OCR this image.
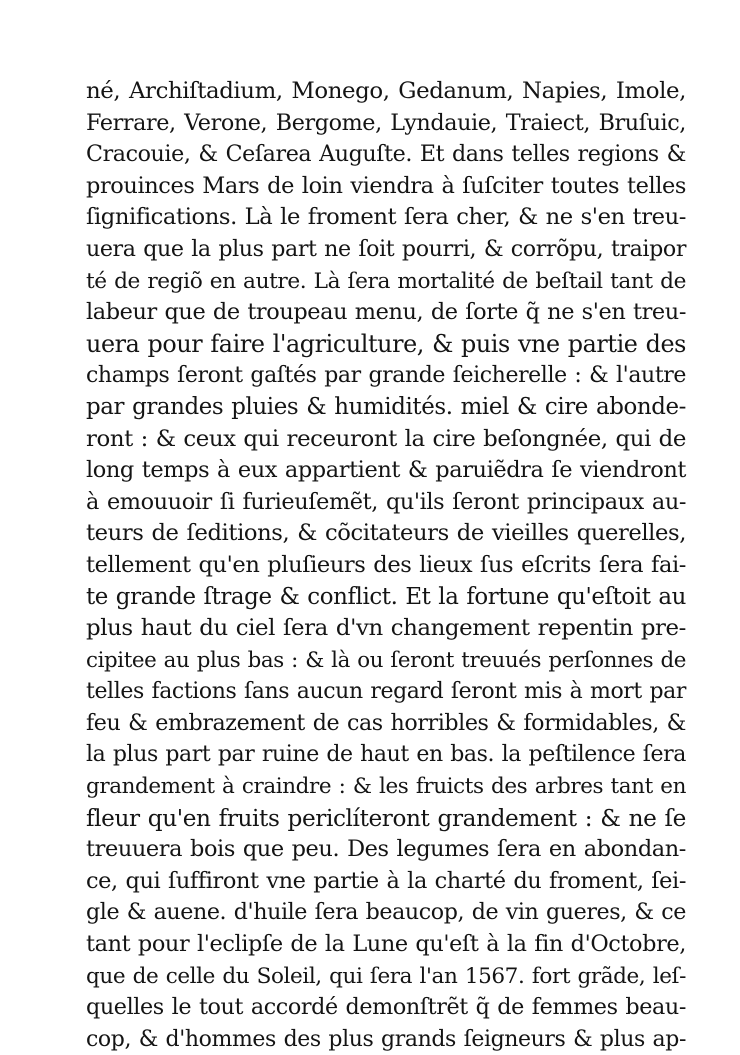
né, Archiſtadium, Monego, Gedanum, Napies, Imole,
Ferrare, Verone, Bergome, Lyndauie, Traiect, Bruſuic,
Cracouie, & Ceſarea Auguſte. Et dans telles regions &
prouinces Mars de loin viendra à ſuſciter toutes telles
ſignifications. Là le froment ſera cher, & ne s'en treu-
uera que la plus part ne ſoit pourri, & corrõpu, traipor
té de regiõ en autre. Là ſera mortalité de beſtail tant de
labeur que de troupeau menu, de ſorte q̃ ne s'en treu-
uera pour faire l'agriculture, & puis vne partie des
champs ſeront gaſtés par grande ſeicherelle : & l'autre
par grandes pluies & humidités. miel & cire abonde-
ront : & ceux qui receuront la cire beſongnée, qui de
long temps à eux appartient & paruiẽdra ſe viendront
à emouuoir ſi furieuſemẽt, qu'ils ſeront principaux au-
teurs de ſeditions, & cõcitateurs de vieilles querelles,
tellement qu'en pluſieurs des lieux ſus eſcrits ſera fai-
te grande ſtrage & conflict. Et la fortune qu'eſtoit au
plus haut du ciel ſera d'vn changement repentin pre-
cipitee au plus bas : & là ou ſeront treuués perſonnes de
telles factions ſans aucun regard ſeront mis à mort par
feu & embrazement de cas horribles & formidables, &
la plus part par ruine de haut en bas. la peſtilence ſera
grandement à craindre : & les fruicts des arbres tant en
fleur qu'en fruits periclíteront grandement : & ne ſe
treuuera bois que peu. Des legumes ſera en abondan-
ce, qui ſuffiront vne partie à la charté du froment, ſei-
gle & auene. d'huile ſera beaucop, de vin gueres, & ce
tant pour l'eclipſe de la Lune qu'eſt à la fin d'Octobre,
que de celle du Soleil, qui ſera l'an 1567. fort grãde, leſ-
quelles le tout accordé demonſtrẽt q̃ de femmes beau-
cop, & d'hommes des plus grands ſeigneurs & plus ap-
